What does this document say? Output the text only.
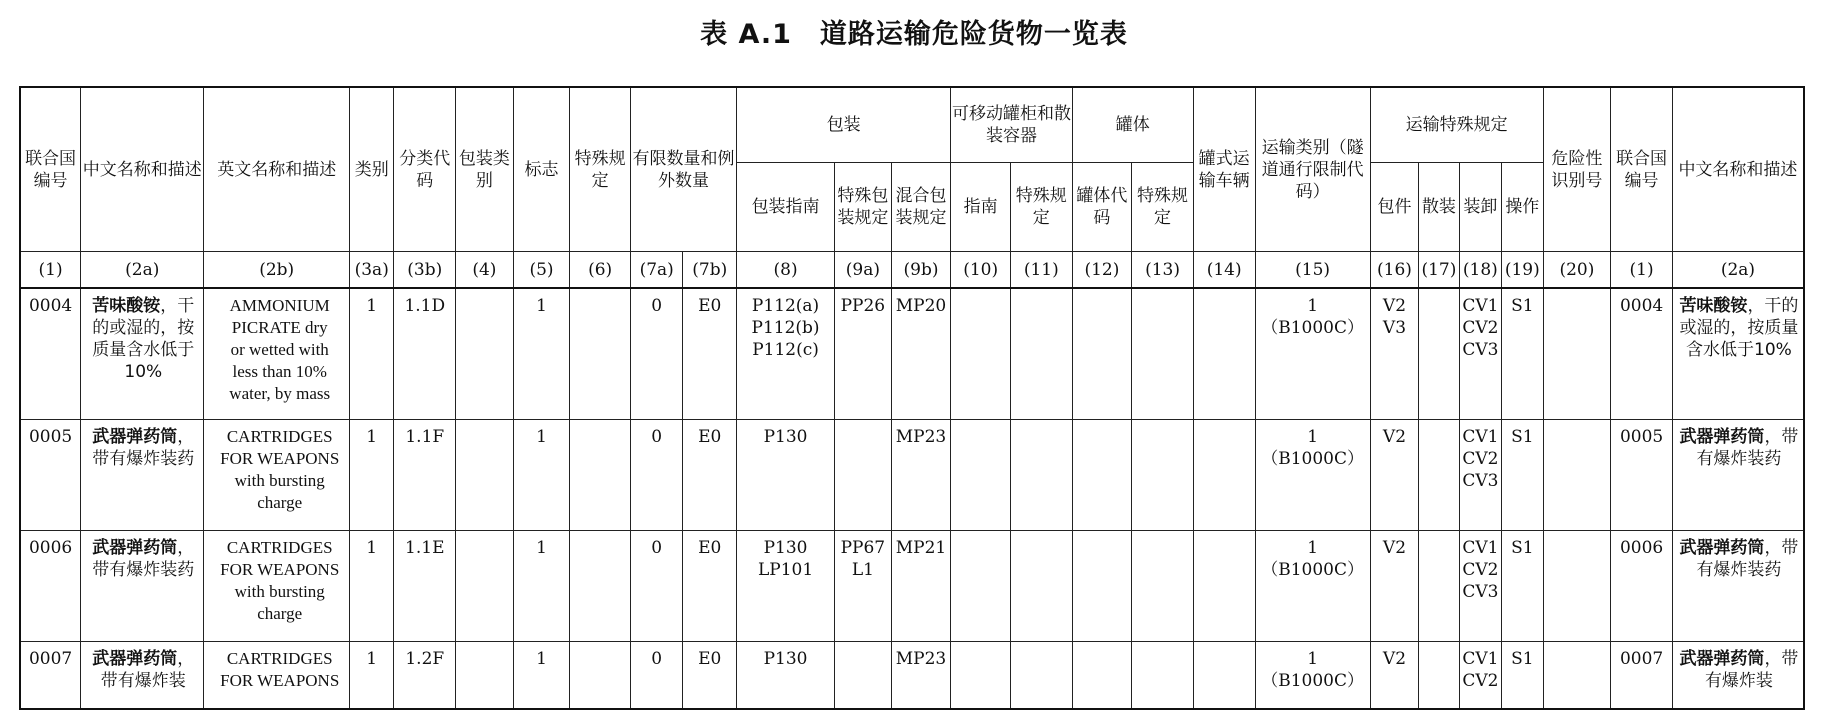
表 A.1　道路运输危险货物一览表
联合国编号	中文名称和描述	英文名称和描述	类别	分类代码	包装类别	标志	特殊规定	有限数量和例外数量		包装			可移动罐柜和散装容器		罐体		罐式运输车辆	运输类别（隧道通行限制代码）	运输特殊规定				危险性识别号	联合国编号	中文名称和描述
										包装指南	特殊包装规定	混合包装规定	指南	特殊规定	罐体代码	特殊规定			包件	散装	装卸	操作			
(1)	(2a)	(2b)	(3a)	(3b)	(4)	(5)	(6)	(7a)	(7b)	(8)	(9a)	(9b)	(10)	(11)	(12)	(13)	(14)	(15)	(16)	(17)	(18)	(19)	(20)	(1)	(2a)
0004	苦味酸铵，干的或湿的，按质量含水低于10%	AMMONIUM
PICRATE dry
or wetted with
less than 10%
water, by mass	1	1.1D		1		0	E0	P112(a)
P112(b)
P112(c)	PP26	MP20						1
（B1000C）	V2
V3		CV1
CV2
CV3	S1		0004	苦味酸铵，干的或湿的，按质量含水低于10%
0005	武器弹药筒，带有爆炸装药	CARTRIDGES
FOR WEAPONS
with bursting
charge	1	1.1F		1		0	E0	P130		MP23						1
（B1000C）	V2		CV1
CV2
CV3	S1		0005	武器弹药筒，带有爆炸装药
0006	武器弹药筒，带有爆炸装药	CARTRIDGES
FOR WEAPONS
with bursting
charge	1	1.1E		1		0	E0	P130
LP101	PP67
L1	MP21						1
（B1000C）	V2		CV1
CV2
CV3	S1		0006	武器弹药筒，带有爆炸装药
0007	武器弹药筒，带有爆炸装	CARTRIDGES
FOR WEAPONS	1	1.2F		1		0	E0	P130		MP23						1
（B1000C）	V2		CV1
CV2	S1		0007	武器弹药筒，带有爆炸装
